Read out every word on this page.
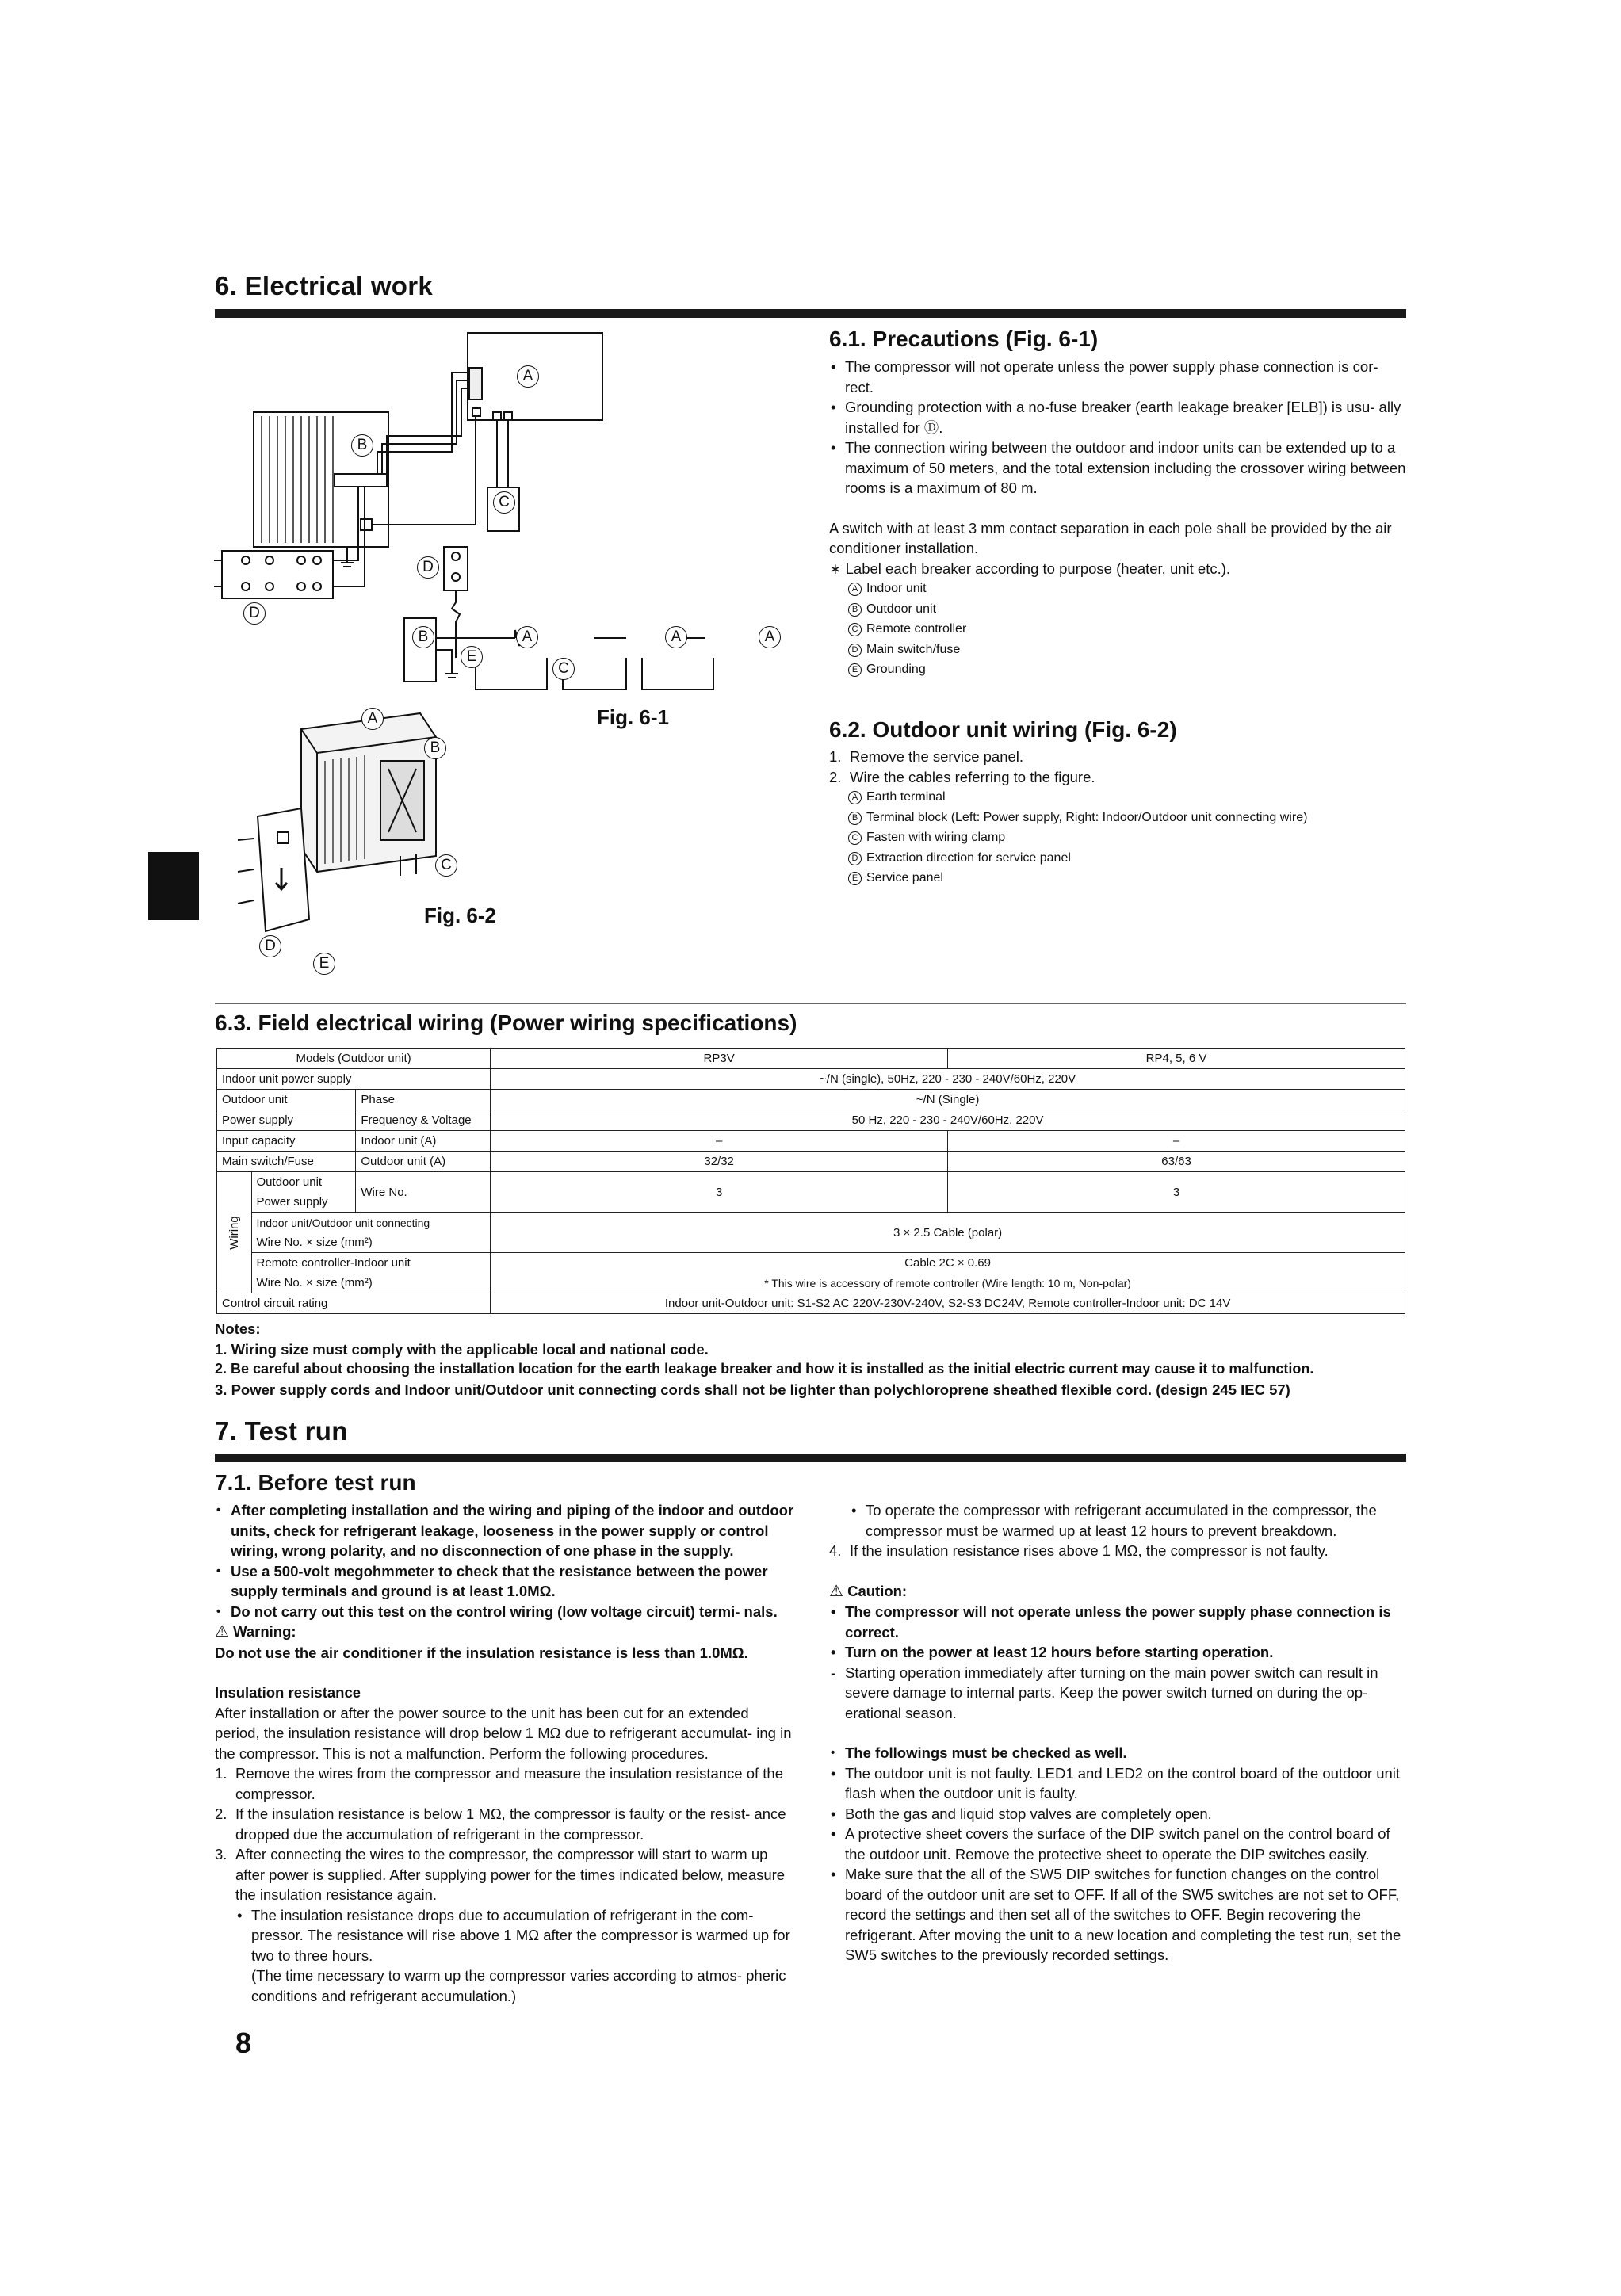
6. Electrical work
A
B
C
D
D
B
E
A
C
A	A
Fig. 6-1
A
B
C
D
E
Fig. 6-2
6.1. Precautions (Fig. 6-1)
• The compressor will not operate unless the power supply phase connection is cor- rect.
• Grounding protection with a no-fuse breaker (earth leakage breaker [ELB]) is usu- ally installed for Ⓓ.
• The connection wiring between the outdoor and indoor units can be extended up to a maximum of 50 meters, and the total extension including the crossover wiring between rooms is a maximum of 80 m.
A switch with at least 3 mm contact separation in each pole shall be provided by the air conditioner installation.
∗ Label each breaker according to purpose (heater, unit etc.).
A Indoor unit
B Outdoor unit
C Remote controller
D Main switch/fuse
E Grounding
6.2. Outdoor unit wiring (Fig. 6-2)
1. Remove the service panel.
2. Wire the cables referring to the figure.
A Earth terminal
B Terminal block (Left: Power supply, Right: Indoor/Outdoor unit connecting wire)
C Fasten with wiring clamp
D Extraction direction for service panel
E Service panel
6.3. Field electrical wiring (Power wiring specifications)
Models (Outdoor unit)			RP3V	RP4, 5, 6 V
Indoor unit power supply			~/N (single), 50Hz, 220 - 230 - 240V/60Hz, 220V	
Outdoor unit		Phase	~/N (Single)	
Power supply		Frequency & Voltage	50 Hz, 220 - 230 - 240V/60Hz, 220V	
Input capacity		Indoor unit (A)	–	–
Main switch/Fuse		Outdoor unit (A)	32/32	63/63

Wiring	Outdoor unit	Wire No.	3	3
	Power supply			
	Indoor unit/Outdoor unit connecting		3 × 2.5 Cable (polar)	
	Wire No. × size (mm²)			
	Remote controller-Indoor unit		Cable 2C × 0.69	
	Wire No. × size (mm²)		* This wire is accessory of remote controller (Wire length: 10 m, Non-polar)	
Control circuit rating			Indoor unit-Outdoor unit: S1-S2 AC 220V-230V-240V, S2-S3 DC24V, Remote controller-Indoor unit: DC 14V	
Notes:
1. Wiring size must comply with the applicable local and national code.
2. Be careful about choosing the installation location for the earth leakage breaker and how it is installed as the initial electric current may cause it to malfunction.
3. Power supply cords and Indoor unit/Outdoor unit connecting cords shall not be lighter than polychloroprene sheathed flexible cord. (design 245 IEC 57)
7. Test run
7.1. Before test run
• After completing installation and the wiring and piping of the indoor and outdoor units, check for refrigerant leakage, looseness in the power supply or control wiring, wrong polarity, and no disconnection of one phase in the supply.
• Use a 500-volt megohmmeter to check that the resistance between the power supply terminals and ground is at least 1.0MΩ.
• Do not carry out this test on the control wiring (low voltage circuit) termi- nals.
⚠ Warning:
Do not use the air conditioner if the insulation resistance is less than 1.0MΩ.
Insulation resistance
After installation or after the power source to the unit has been cut for an extended period, the insulation resistance will drop below 1 MΩ due to refrigerant accumulat- ing in the compressor. This is not a malfunction. Perform the following procedures.
1. Remove the wires from the compressor and measure the insulation resistance of the compressor.
2. If the insulation resistance is below 1 MΩ, the compressor is faulty or the resist- ance dropped due the accumulation of refrigerant in the compressor.
3. After connecting the wires to the compressor, the compressor will start to warm up after power is supplied. After supplying power for the times indicated below, measure the insulation resistance again.
• The insulation resistance drops due to accumulation of refrigerant in the com- pressor. The resistance will rise above 1 MΩ after the compressor is warmed up for two to three hours.
(The time necessary to warm up the compressor varies according to atmos- pheric conditions and refrigerant accumulation.)
• To operate the compressor with refrigerant accumulated in the compressor, the compressor must be warmed up at least 12 hours to prevent breakdown.
4. If the insulation resistance rises above 1 MΩ, the compressor is not faulty.
⚠ Caution:
• The compressor will not operate unless the power supply phase connection is correct.
• Turn on the power at least 12 hours before starting operation.
- Starting operation immediately after turning on the main power switch can result in severe damage to internal parts. Keep the power switch turned on during the op- erational season.
• The followings must be checked as well.
• The outdoor unit is not faulty. LED1 and LED2 on the control board of the outdoor unit flash when the outdoor unit is faulty.
• Both the gas and liquid stop valves are completely open.
• A protective sheet covers the surface of the DIP switch panel on the control board of the outdoor unit. Remove the protective sheet to operate the DIP switches easily.
• Make sure that the all of the SW5 DIP switches for function changes on the control board of the outdoor unit are set to OFF. If all of the SW5 switches are not set to OFF, record the settings and then set all of the switches to OFF. Begin recovering the refrigerant. After moving the unit to a new location and completing the test run, set the SW5 switches to the previously recorded settings.
8
